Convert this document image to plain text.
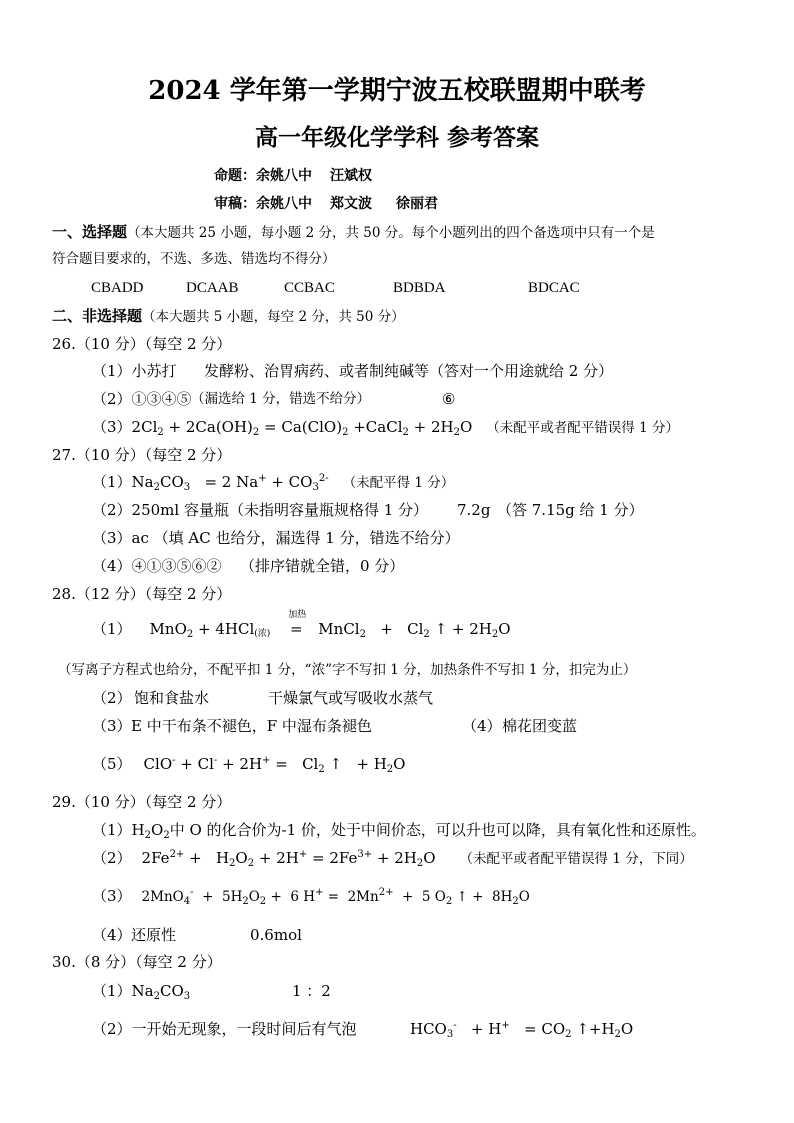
2024 学年第一学期宁波五校联盟期中联考
高一年级化学学科 参考答案
命题：余姚八中 汪斌权
审稿：余姚八中 郑文波 徐丽君
一、选择题（本大题共 25 小题，每小题 2 分，共 50 分。每个小题列出的四个备选项中只有一个是
符合题目要求的，不选、多选、错选均不得分）
CBADD	DCAAB	CCBAC	BDBDA	BDCAC
二、非选择题（本大题共 5 小题，每空 2 分，共 50 分）
26.（10 分）（每空 2 分）
（1）小苏打 发酵粉、治胃病药、或者制纯碱等（答对一个用途就给 2 分）
（2）①③④⑤ （漏选给 1 分，错选不给分）	⑥
$(3)2Cl_2 + 2Ca(OH)_2 = Ca(ClO)_2$ +CaCl$_2$ + $2H_2O$ （未配平或者配平错误得 1 分）
27.（10 分）（每空 2 分）
$(1)Na_2CO_3 = 2$ $Na^+ + CO_3^{2-}$ （未配平得 1 分）
（2）250ml 容量瓶（未指明容量瓶规格得 1 分） 7.2g （答 7.15g 给 1 分）
（3）ac （填 AC 也给分，漏选得 1 分，错选不给分）
（4）④①③⑤⑥② （排序错就全错，0 分）
28.（12 分）（每空 2 分）
（1） MnO$_2$ + 4HCl(浓)
加热
= MnCl$_2$   +   $Cl_2$ ↑ + $2H_2O$
（写离子方程式也给分，不配平扣 1 分，“浓”字不写扣 1 分，加热条件不写扣 1 分，扣完为止）
（2） 饱和食盐水	干燥氯气或写吸收水蒸气
（3） E 中干布条不褪色，F 中湿布条褪色	（4） 棉花团变蓝
（5） $ClO^- + Cl^- + 2H^+ = Cl_2$ ↑   + $H_2O$
29.（10 分）（每空 2 分）
$(1)H_2O_2$中 O 的化合价为-1 价，处于中间价态，可以升也可以降，具有氧化性和还原性。
（2） $2Fe^{2+} + H_2O_2 + 2H^+ = 2Fe^{3+} + 2H_2O$ （未配平或者配平错误得 1 分，下同）
（3） $2MnO_4^- + 5H_2O_2 + 6$ $H^+ = 2Mn^{2+} + 5$ $O_2$ ↑ +  $8H_2O$
（4） 还原性	0.6mol
30.（8 分）（每空 2 分）
$(1)Na_2CO_3$	1 ：2
（2）一开始无现象，一段时间后有气泡	$HCO_3^- + H^+ = CO_2$ $↑+H_2O$
